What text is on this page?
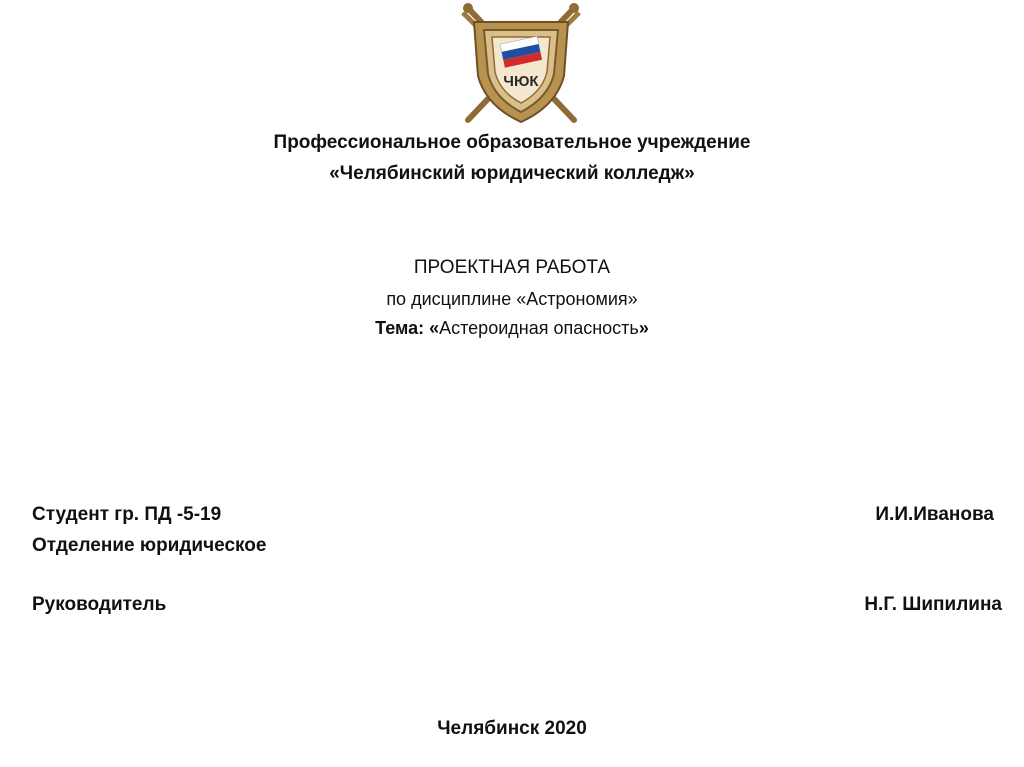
ЧЮК
Профессиональное образовательное учреждение
«Челябинский юридический колледж»
ПРОЕКТНАЯ РАБОТА
по дисциплине «Астрономия»
Тема: «Астероидная опасность»
Студент гр. ПД -5-19	И.И.Иванова
Отделение юридическое
Руководитель	Н.Г. Шипилина
Челябинск 2020
